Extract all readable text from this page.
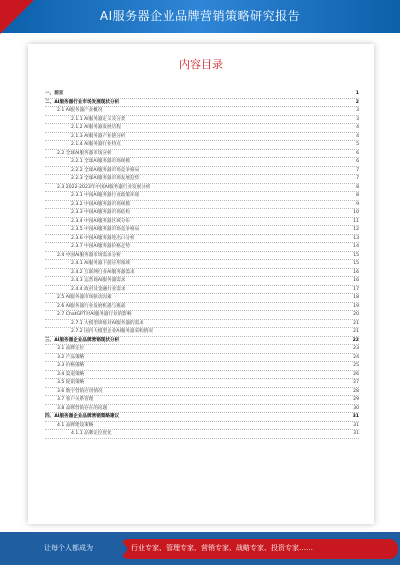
AI服务器企业品牌营销策略研究报告
内容目录
一、前言	1
二、AI服务器行业市场发展现状分析	2
2.1 AI服务器产业概况	3
2.1.1 AI服务器定义及分类	3
2.1.2 AI服务器发展历程	4
2.1.3 AI服务器产业链分析	4
2.1.4 AI服务器行业特点	5
2.2 全球AI服务器市场分析	6
2.2.1 全球AI服务器市场规模	6
2.2.2 全球AI服务器市场竞争格局	7
2.2.3 全球AI服务器市场发展趋势	7
2.3 2022-2023年中国AI服务器行业发展分析	8
2.3.1 中国AI服务器行业政策环境	8
2.3.2 中国AI服务器市场规模	9
2.3.3 中国AI服务器市场结构	10
2.3.4 中国AI服务器区域分布	11
2.3.5 中国AI服务器市场竞争格局	12
2.3.6 中国AI服务器进出口分析	13
2.3.7 中国AI服务器价格走势	14
2.4 中国AI服务器市场需求分析	15
2.4.1 AI服务器下游应用领域	15
2.4.2 互联网行业AI服务器需求	16
2.4.3 运营商AI服务器需求	16
2.4.4 政府及金融行业需求	17
2.5 AI服务器市场驱动因素	18
2.6 AI服务器行业发展机遇与挑战	19
2.7 ChatGPT对AI服务器行业的影响	20
2.7.1 大模型训练对AI服务器的需求	21
2.7.2 国内大模型企业AI服务器采购情况	21
三、AI服务器企业品牌营销现状分析	22
3.1 品牌定位	23
3.2 产品策略	24
3.3 价格策略	25
3.4 渠道策略	26
3.5 促销策略	27
3.6 数字营销应用情况	28
3.7 客户关系管理	29
3.8 品牌营销存在的问题	30
四、AI服务器企业品牌营销策略建议	31
4.1 品牌建设策略	31
4.1.1 品牌定位优化	31
让每个人都成为	行业专家、管理专家、营销专家、战略专家、投资专家……
